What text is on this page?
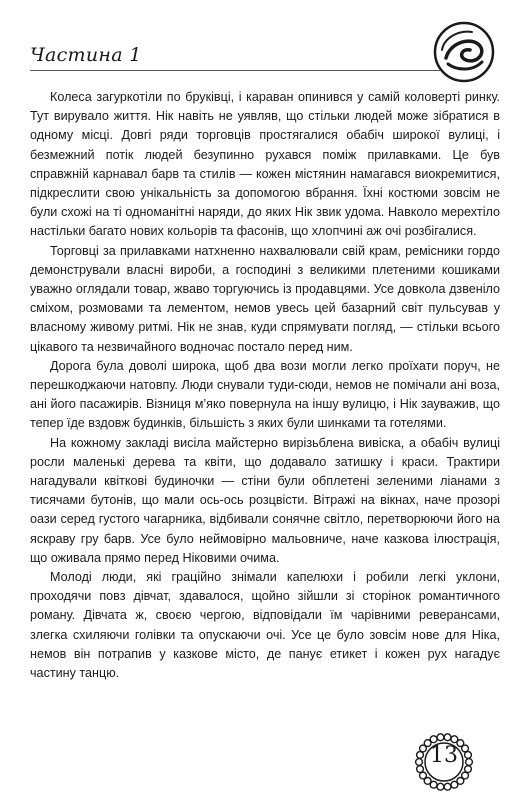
Частина 1

Колеса загуркотіли по бруківці, і караван опинився у самій коловерті ринку. Тут вирувало життя. Нік навіть не уявляв, що стільки людей може зібратися в одному місці. Довгі ряди торговців простягалися обабіч широкої вулиці, і безмежний потік людей безупинно рухався поміж прилавками. Це був справжній карнавал барв та стилів — кожен містянин намагався виокремитися, підкреслити свою унікальність за допомогою вбрання. Їхні костюми зовсім не були схожі на ті одноманітні наряди, до яких Нік звик удома. Навколо мерехтіло настільки багато нових кольорів та фасонів, що хлопчині аж очі розбігалися.

Торговці за прилавками натхненно нахвалювали свій крам, ремісники гордо демонстрували власні вироби, а господині з великими плетеними кошиками уважно оглядали товар, жваво торгуючись із продавцями. Усе довкола дзвеніло сміхом, розмовами та лементом, немов увесь цей базарний світ пульсував у власному живому ритмі. Нік не знав, куди спрямувати погляд, — стільки всього цікавого та незвичайного водночас постало перед ним.

Дорога була доволі широка, щоб два вози могли легко проїхати поруч, не перешкоджаючи натовпу. Люди снували туди-сюди, немов не помічали ані воза, ані його пасажирів. Візниця м’яко повернула на іншу вулицю, і Нік зауважив, що тепер їде вздовж будинків, більшість з яких були шинками та готелями.

На кожному закладі висіла майстерно вирізьблена вивіска, а обабіч вулиці росли маленькі дерева та квіти, що додавало затишку і краси. Трактири нагадували квіткові будиночки — стіни були обплетені зеленими ліанами з тисячами бутонів, що мали ось-ось розцвісти. Вітражі на вікнах, наче прозорі оази серед густого чагарника, відбивали сонячне світло, перетворюючи його на яскраву гру барв. Усе було неймовірно мальовниче, наче казкова ілюстрація, що оживала прямо перед Ніковими очима.

Молоді люди, які граційно знімали капелюхи і робили легкі уклони, проходячи повз дівчат, здавалося, щойно зійшли зі сторінок романтичного роману. Дівчата ж, своєю чергою, відповідали їм чарівними реверансами, злегка схиляючи голівки та опускаючи очі. Усе це було зовсім нове для Ніка, немов він потрапив у казкове місто, де панує етикет і кожен рух нагадує частину танцю.

13
